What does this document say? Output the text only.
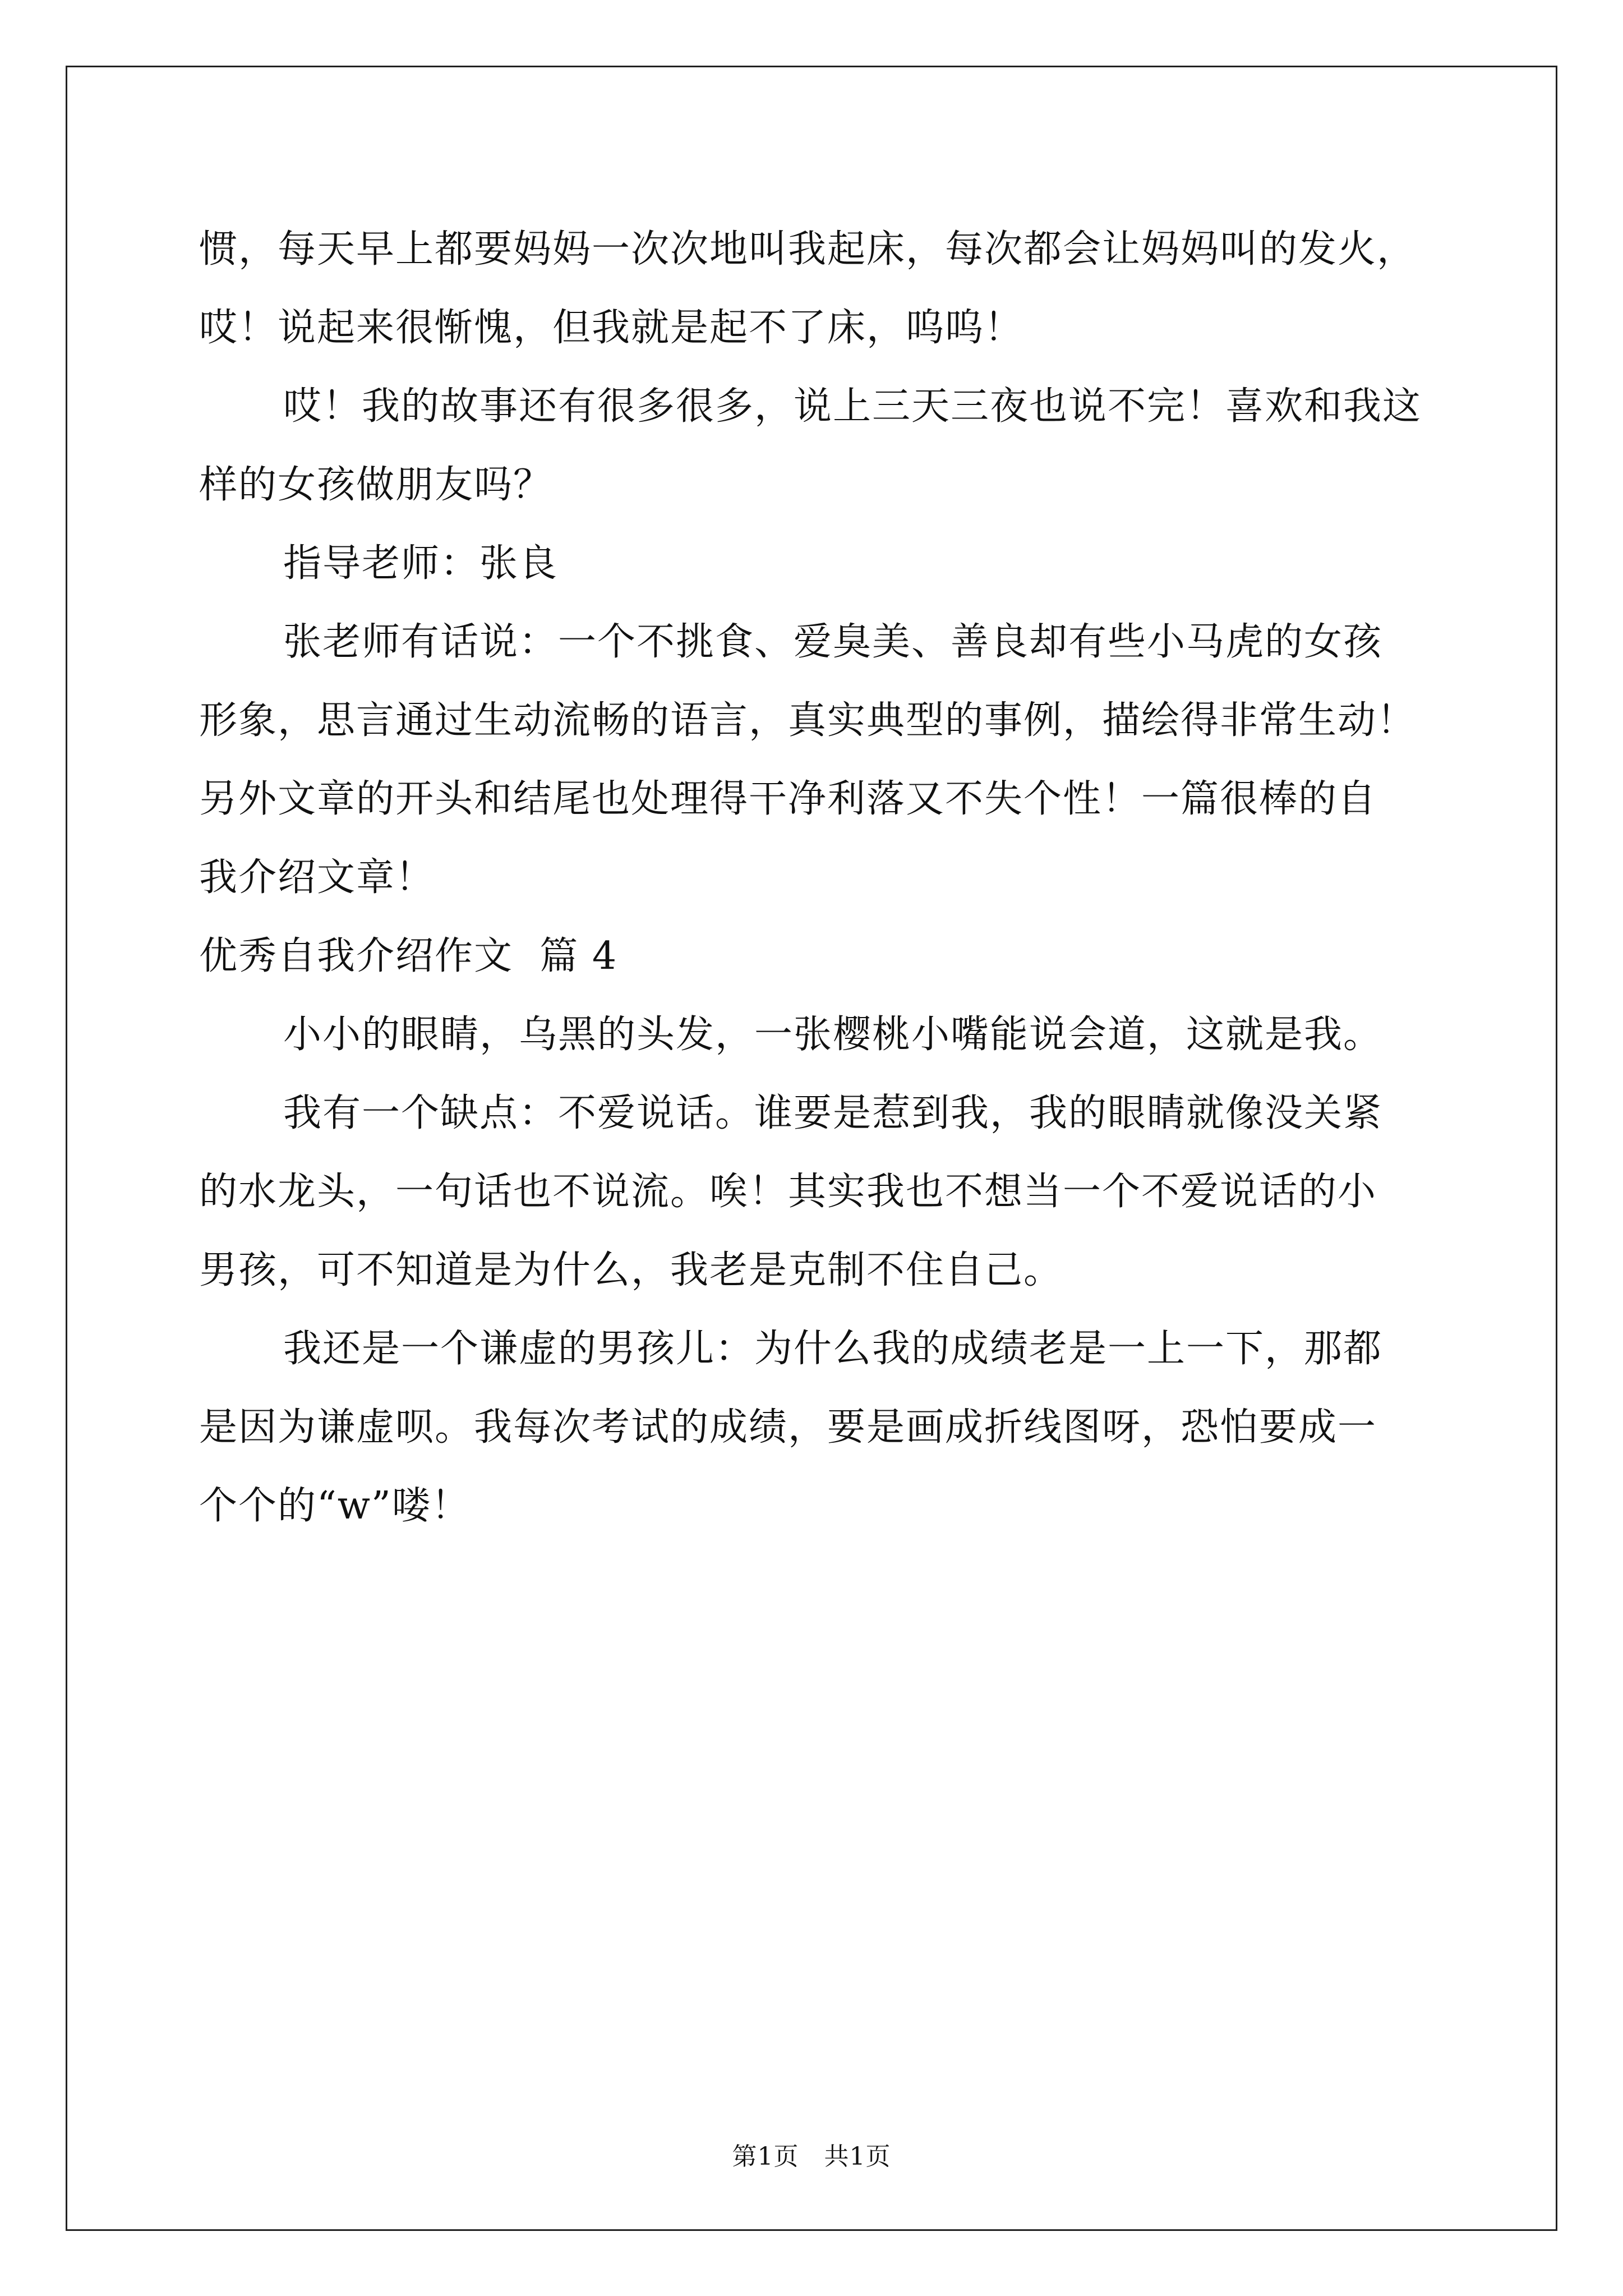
惯，每天早上都要妈妈一次次地叫我起床，每次都会让妈妈叫的发火，
哎！说起来很惭愧，但我就是起不了床，呜呜！
哎！我的故事还有很多很多，说上三天三夜也说不完！喜欢和我这
样的女孩做朋友吗？
指导老师：张良
张老师有话说：一个不挑食、爱臭美、善良却有些小马虎的女孩
形象，思言通过生动流畅的语言，真实典型的事例，描绘得非常生动！
另外文章的开头和结尾也处理得干净利落又不失个性！一篇很棒的自
我介绍文章！
优秀自我介绍作文  篇 4
小小的眼睛，乌黑的头发，一张樱桃小嘴能说会道，这就是我。
我有一个缺点：不爱说话。谁要是惹到我，我的眼睛就像没关紧
的水龙头，一句话也不说流。唉！其实我也不想当一个不爱说话的小
男孩，可不知道是为什么，我老是克制不住自己。
我还是一个谦虚的男孩儿：为什么我的成绩老是一上一下，那都
是因为谦虚呗。我每次考试的成绩，要是画成折线图呀，恐怕要成一
个个的“w”喽！
第1页   共1页
